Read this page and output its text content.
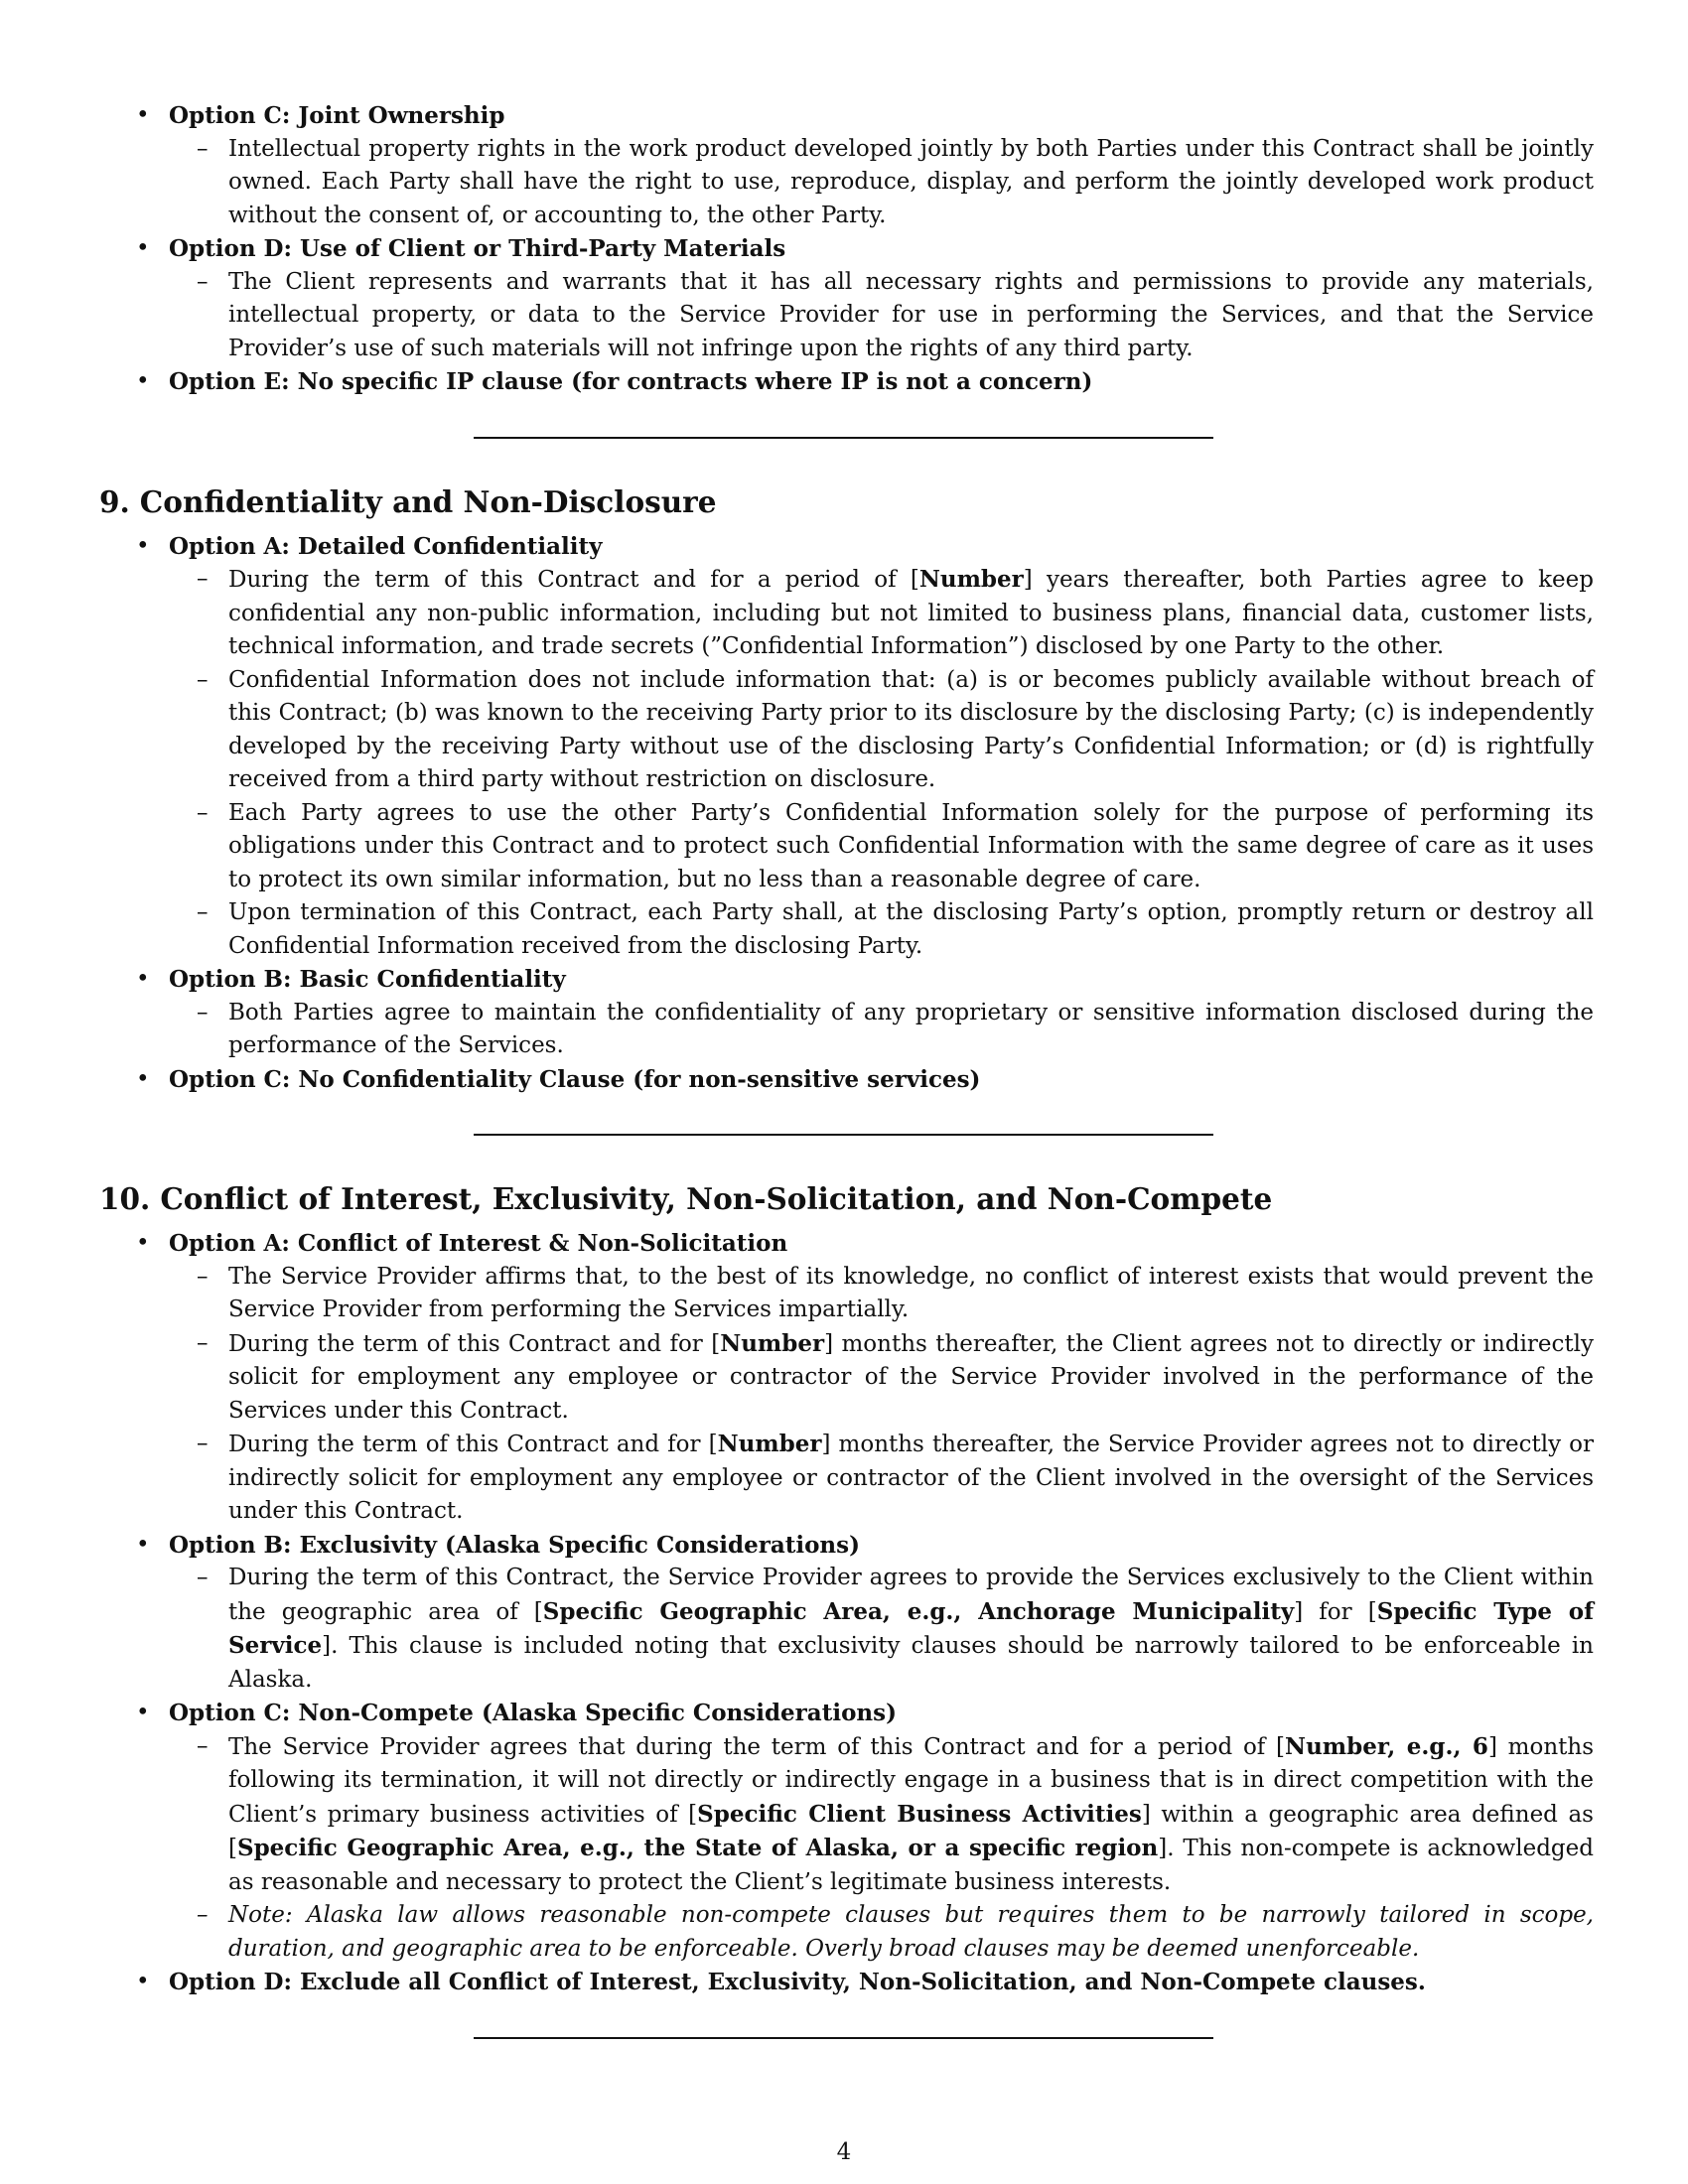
• Option C: Joint Ownership
– Intellectual property rights in the work product developed jointly by both Parties under this Contract shall be jointly owned. Each Party shall have the right to use, reproduce, display, and perform the jointly developed work product without the consent of, or accounting to, the other Party.
• Option D: Use of Client or Third-Party Materials
– The Client represents and warrants that it has all necessary rights and permissions to provide any materials, intellectual property, or data to the Service Provider for use in performing the Services, and that the Service Provider’s use of such materials will not infringe upon the rights of any third party.
• Option E: No specific IP clause (for contracts where IP is not a concern)
9. Confidentiality and Non-Disclosure
• Option A: Detailed Confidentiality
– During the term of this Contract and for a period of [Number] years thereafter, both Parties agree to keep confidential any non-public information, including but not limited to business plans, financial data, customer lists, technical information, and trade secrets (”Confidential Information”) disclosed by one Party to the other.
– Confidential Information does not include information that: (a) is or becomes publicly available without breach of this Contract; (b) was known to the receiving Party prior to its disclosure by the disclosing Party; (c) is independently developed by the receiving Party without use of the disclosing Party’s Confidential Information; or (d) is rightfully received from a third party without restriction on disclosure.
– Each Party agrees to use the other Party’s Confidential Information solely for the purpose of performing its obligations under this Contract and to protect such Confidential Information with the same degree of care as it uses to protect its own similar information, but no less than a reasonable degree of care.
– Upon termination of this Contract, each Party shall, at the disclosing Party’s option, promptly return or destroy all Confidential Information received from the disclosing Party.
• Option B: Basic Confidentiality
– Both Parties agree to maintain the confidentiality of any proprietary or sensitive information disclosed during the performance of the Services.
• Option C: No Confidentiality Clause (for non-sensitive services)
10. Conflict of Interest, Exclusivity, Non-Solicitation, and Non-Compete
• Option A: Conflict of Interest & Non-Solicitation
– The Service Provider affirms that, to the best of its knowledge, no conflict of interest exists that would prevent the Service Provider from performing the Services impartially.
– During the term of this Contract and for [Number] months thereafter, the Client agrees not to directly or indirectly solicit for employment any employee or contractor of the Service Provider involved in the performance of the Services under this Contract.
– During the term of this Contract and for [Number] months thereafter, the Service Provider agrees not to directly or indirectly solicit for employment any employee or contractor of the Client involved in the oversight of the Services under this Contract.
• Option B: Exclusivity (Alaska Specific Considerations)
– During the term of this Contract, the Service Provider agrees to provide the Services exclusively to the Client within the geographic area of [Specific Geographic Area, e.g., Anchorage Municipality] for [Specific Type of Service]. This clause is included noting that exclusivity clauses should be narrowly tailored to be enforceable in Alaska.
• Option C: Non-Compete (Alaska Specific Considerations)
– The Service Provider agrees that during the term of this Contract and for a period of [Number, e.g., 6] months following its termination, it will not directly or indirectly engage in a business that is in direct competition with the Client’s primary business activities of [Specific Client Business Activities] within a geographic area defined as [Specific Geographic Area, e.g., the State of Alaska, or a specific region]. This non-compete is acknowledged as reasonable and necessary to protect the Client’s legitimate business interests.
– Note: Alaska law allows reasonable non-compete clauses but requires them to be narrowly tailored in scope, duration, and geographic area to be enforceable. Overly broad clauses may be deemed unenforceable.
• Option D: Exclude all Conflict of Interest, Exclusivity, Non-Solicitation, and Non-Compete clauses.
4
